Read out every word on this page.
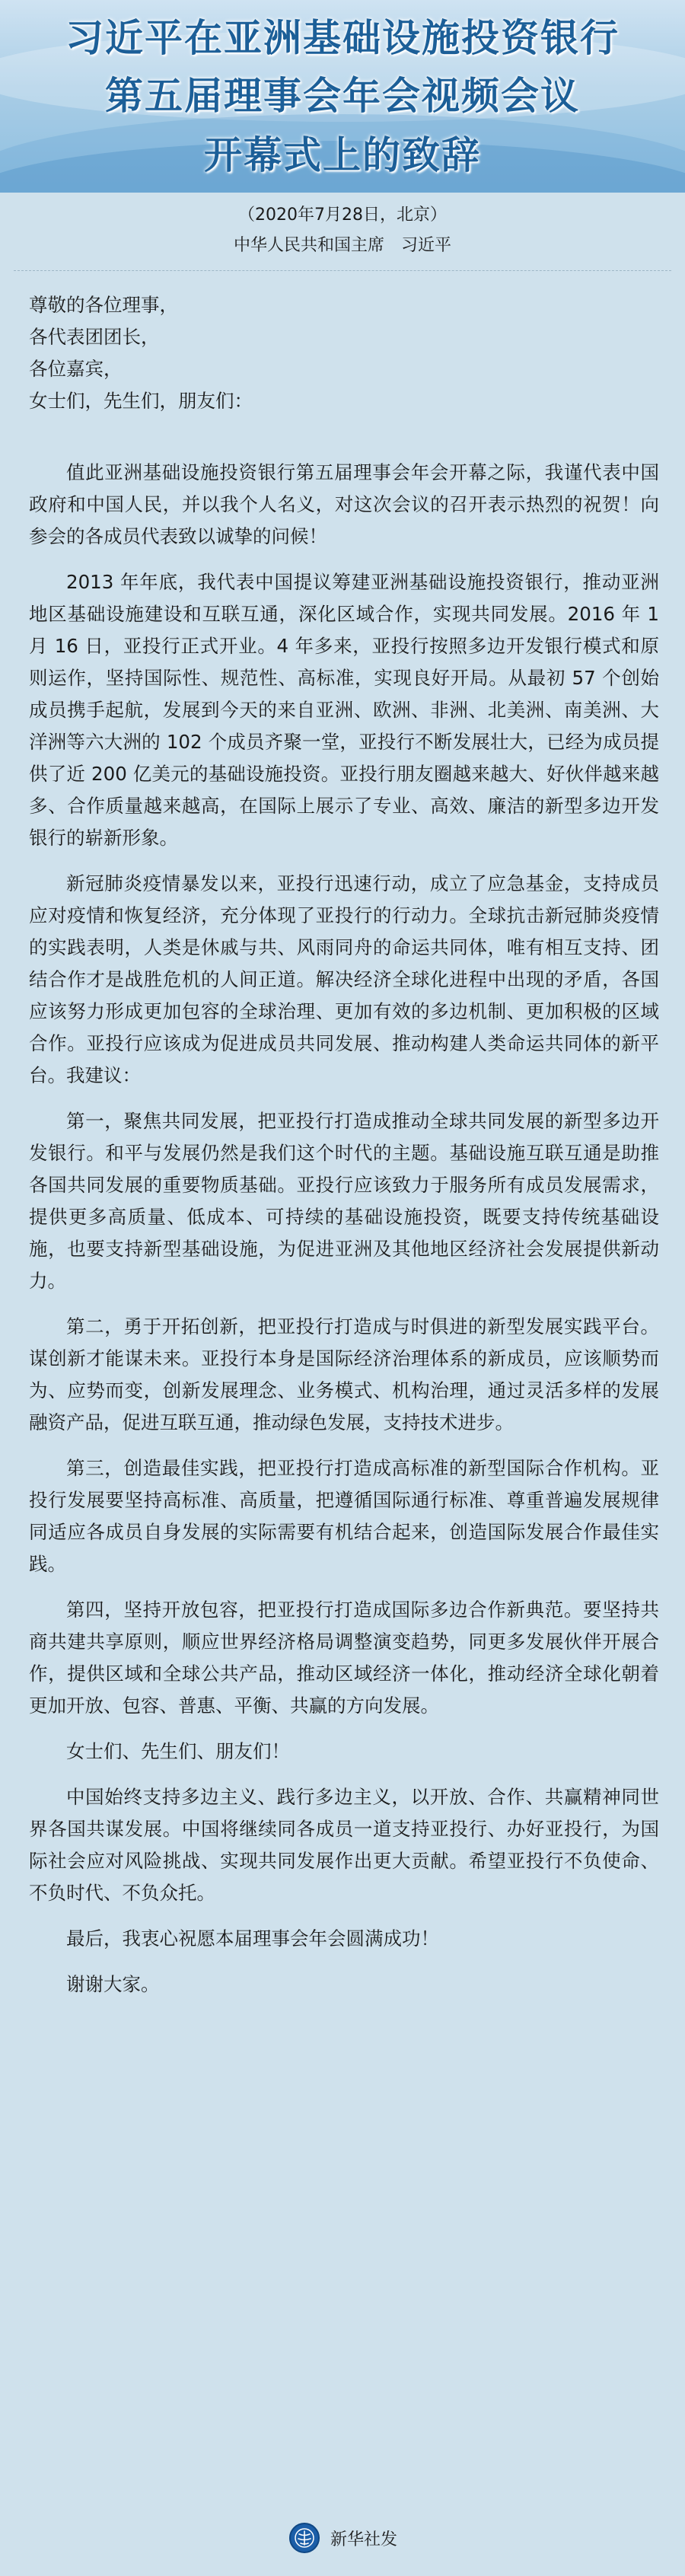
习近平在亚洲基础设施投资银行
第五届理事会年会视频会议
开幕式上的致辞
（2020年7月28日，北京）
中华人民共和国主席　习近平

尊敬的各位理事，

各代表团团长，

各位嘉宾，

女士们，先生们，朋友们：

值此亚洲基础设施投资银行第五届理事会年会开幕之际，我谨代表中国政府和中国人民，并以我个人名义，对这次会议的召开表示热烈的祝贺！向参会的各成员代表致以诚挚的问候！

2013 年年底，我代表中国提议筹建亚洲基础设施投资银行，推动亚洲地区基础设施建设和互联互通，深化区域合作，实现共同发展。2016 年 1 月 16 日，亚投行正式开业。4 年多来，亚投行按照多边开发银行模式和原则运作，坚持国际性、规范性、高标准，实现良好开局。从最初 57 个创始成员携手起航，发展到今天的来自亚洲、欧洲、非洲、北美洲、南美洲、大洋洲等六大洲的 102 个成员齐聚一堂，亚投行不断发展壮大，已经为成员提供了近 200 亿美元的基础设施投资。亚投行朋友圈越来越大、好伙伴越来越多、合作质量越来越高，在国际上展示了专业、高效、廉洁的新型多边开发银行的崭新形象。

新冠肺炎疫情暴发以来，亚投行迅速行动，成立了应急基金，支持成员应对疫情和恢复经济，充分体现了亚投行的行动力。全球抗击新冠肺炎疫情的实践表明，人类是休戚与共、风雨同舟的命运共同体，唯有相互支持、团结合作才是战胜危机的人间正道。解决经济全球化进程中出现的矛盾，各国应该努力形成更加包容的全球治理、更加有效的多边机制、更加积极的区域合作。亚投行应该成为促进成员共同发展、推动构建人类命运共同体的新平台。我建议：

第一，聚焦共同发展，把亚投行打造成推动全球共同发展的新型多边开发银行。和平与发展仍然是我们这个时代的主题。基础设施互联互通是助推各国共同发展的重要物质基础。亚投行应该致力于服务所有成员发展需求，提供更多高质量、低成本、可持续的基础设施投资，既要支持传统基础设施，也要支持新型基础设施，为促进亚洲及其他地区经济社会发展提供新动力。

第二，勇于开拓创新，把亚投行打造成与时俱进的新型发展实践平台。谋创新才能谋未来。亚投行本身是国际经济治理体系的新成员，应该顺势而为、应势而变，创新发展理念、业务模式、机构治理，通过灵活多样的发展融资产品，促进互联互通，推动绿色发展，支持技术进步。

第三，创造最佳实践，把亚投行打造成高标准的新型国际合作机构。亚投行发展要坚持高标准、高质量，把遵循国际通行标准、尊重普遍发展规律同适应各成员自身发展的实际需要有机结合起来，创造国际发展合作最佳实践。

第四，坚持开放包容，把亚投行打造成国际多边合作新典范。要坚持共商共建共享原则，顺应世界经济格局调整演变趋势，同更多发展伙伴开展合作，提供区域和全球公共产品，推动区域经济一体化，推动经济全球化朝着更加开放、包容、普惠、平衡、共赢的方向发展。

女士们、先生们、朋友们！

中国始终支持多边主义、践行多边主义，以开放、合作、共赢精神同世界各国共谋发展。中国将继续同各成员一道支持亚投行、办好亚投行，为国际社会应对风险挑战、实现共同发展作出更大贡献。希望亚投行不负使命、不负时代、不负众托。

最后，我衷心祝愿本届理事会年会圆满成功！

谢谢大家。

新华社发
